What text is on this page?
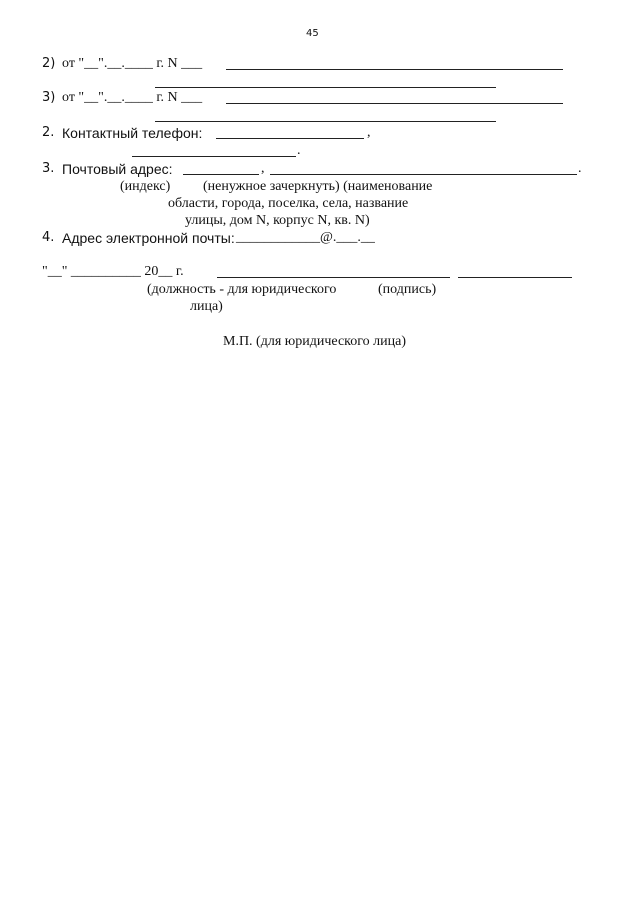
45
2) от "__".__.____ г. N ___
3) от "__".__.____ г. N ___
2. Контактный телефон:	,
.
3. Почтовый адрес:	,	.
(индекс) (ненужное зачеркнуть) (наименование
области, города, поселка, села, название
улицы, дом N, корпус N, кв. N)
4. Адрес электронной почты: ____________@.___.__
"__" __________ 20__ г.
(должность - для юридического	(подпись)
лица)
М.П. (для юридического лица)
